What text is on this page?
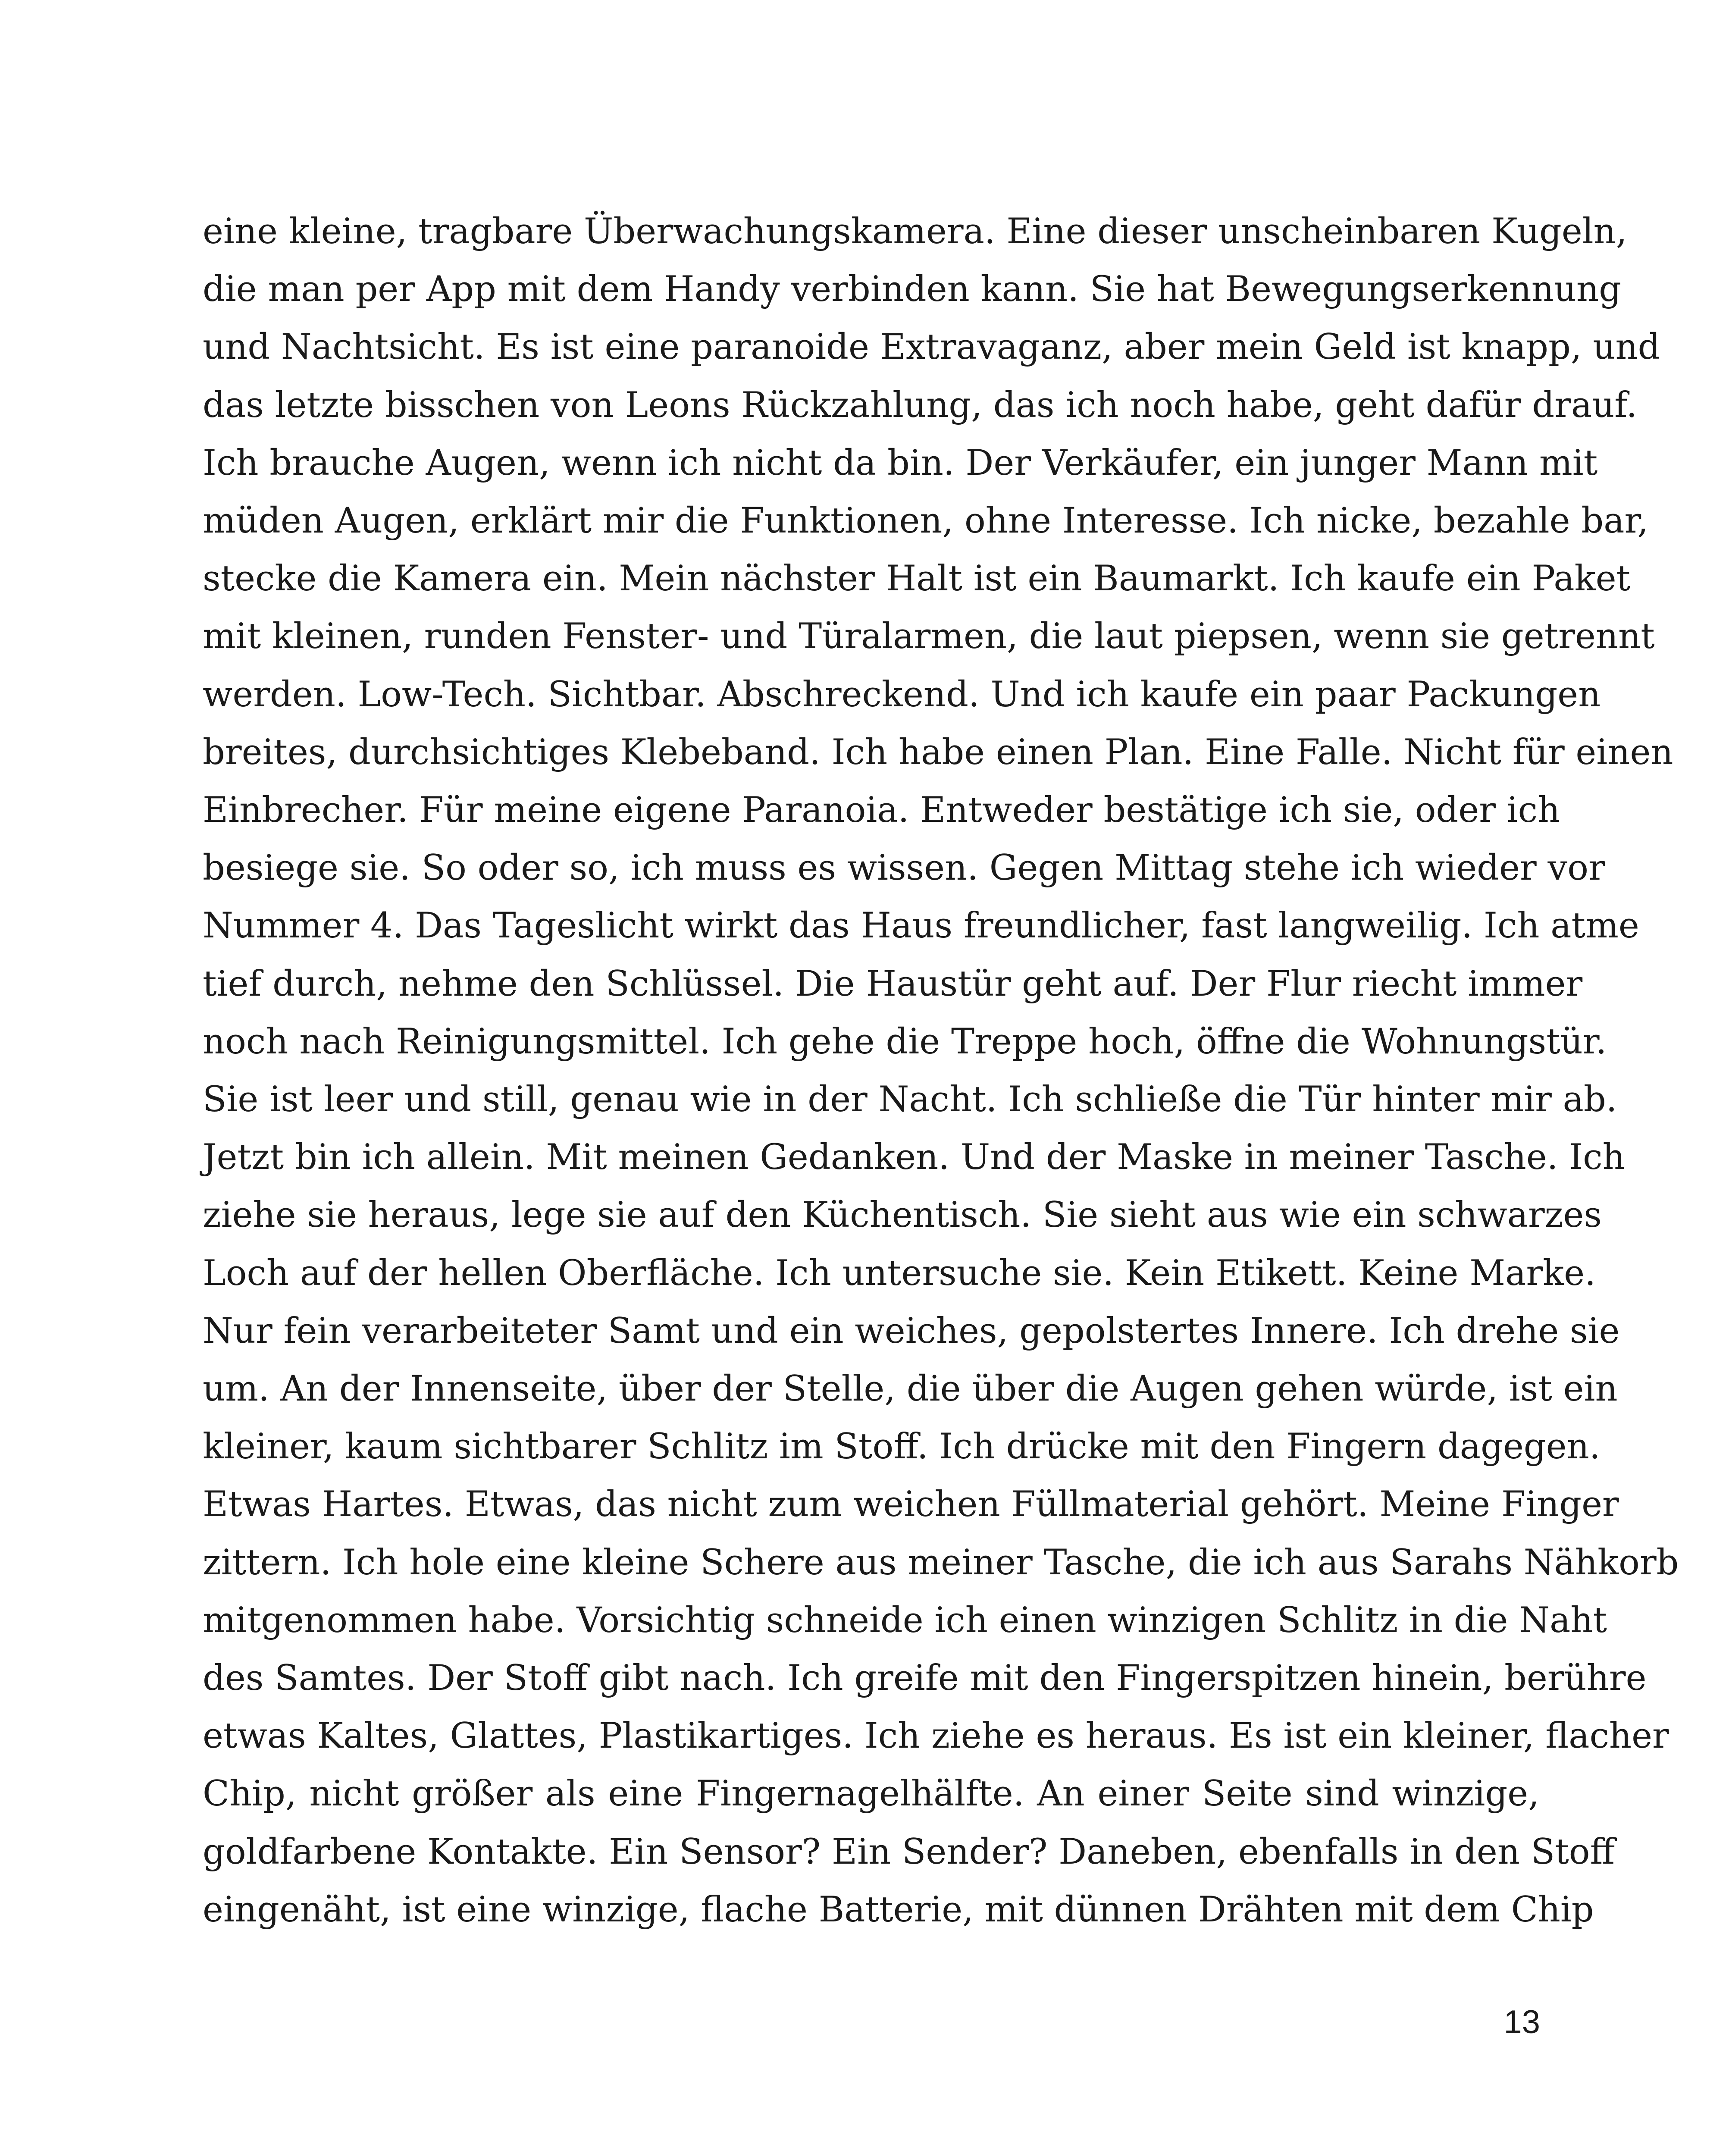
eine kleine, tragbare Überwachungskamera. Eine dieser unscheinbaren Kugeln,
die man per App mit dem Handy verbinden kann. Sie hat Bewegungserkennung
und Nachtsicht. Es ist eine paranoide Extravaganz, aber mein Geld ist knapp, und
das letzte bisschen von Leons Rückzahlung, das ich noch habe, geht dafür drauf.
Ich brauche Augen, wenn ich nicht da bin. Der Verkäufer, ein junger Mann mit
müden Augen, erklärt mir die Funktionen, ohne Interesse. Ich nicke, bezahle bar,
stecke die Kamera ein. Mein nächster Halt ist ein Baumarkt. Ich kaufe ein Paket
mit kleinen, runden Fenster- und Türalarmen, die laut piepsen, wenn sie getrennt
werden. Low-Tech. Sichtbar. Abschreckend. Und ich kaufe ein paar Packungen
breites, durchsichtiges Klebeband. Ich habe einen Plan. Eine Falle. Nicht für einen
Einbrecher. Für meine eigene Paranoia. Entweder bestätige ich sie, oder ich
besiege sie. So oder so, ich muss es wissen. Gegen Mittag stehe ich wieder vor
Nummer 4. Das Tageslicht wirkt das Haus freundlicher, fast langweilig. Ich atme
tief durch, nehme den Schlüssel. Die Haustür geht auf. Der Flur riecht immer
noch nach Reinigungsmittel. Ich gehe die Treppe hoch, öffne die Wohnungstür.
Sie ist leer und still, genau wie in der Nacht. Ich schließe die Tür hinter mir ab.
Jetzt bin ich allein. Mit meinen Gedanken. Und der Maske in meiner Tasche. Ich
ziehe sie heraus, lege sie auf den Küchentisch. Sie sieht aus wie ein schwarzes
Loch auf der hellen Oberfläche. Ich untersuche sie. Kein Etikett. Keine Marke.
Nur fein verarbeiteter Samt und ein weiches, gepolstertes Innere. Ich drehe sie
um. An der Innenseite, über der Stelle, die über die Augen gehen würde, ist ein
kleiner, kaum sichtbarer Schlitz im Stoff. Ich drücke mit den Fingern dagegen.
Etwas Hartes. Etwas, das nicht zum weichen Füllmaterial gehört. Meine Finger
zittern. Ich hole eine kleine Schere aus meiner Tasche, die ich aus Sarahs Nähkorb
mitgenommen habe. Vorsichtig schneide ich einen winzigen Schlitz in die Naht
des Samtes. Der Stoff gibt nach. Ich greife mit den Fingerspitzen hinein, berühre
etwas Kaltes, Glattes, Plastikartiges. Ich ziehe es heraus. Es ist ein kleiner, flacher
Chip, nicht größer als eine Fingernagelhälfte. An einer Seite sind winzige,
goldfarbene Kontakte. Ein Sensor? Ein Sender? Daneben, ebenfalls in den Stoff
eingenäht, ist eine winzige, flache Batterie, mit dünnen Drähten mit dem Chip

13
